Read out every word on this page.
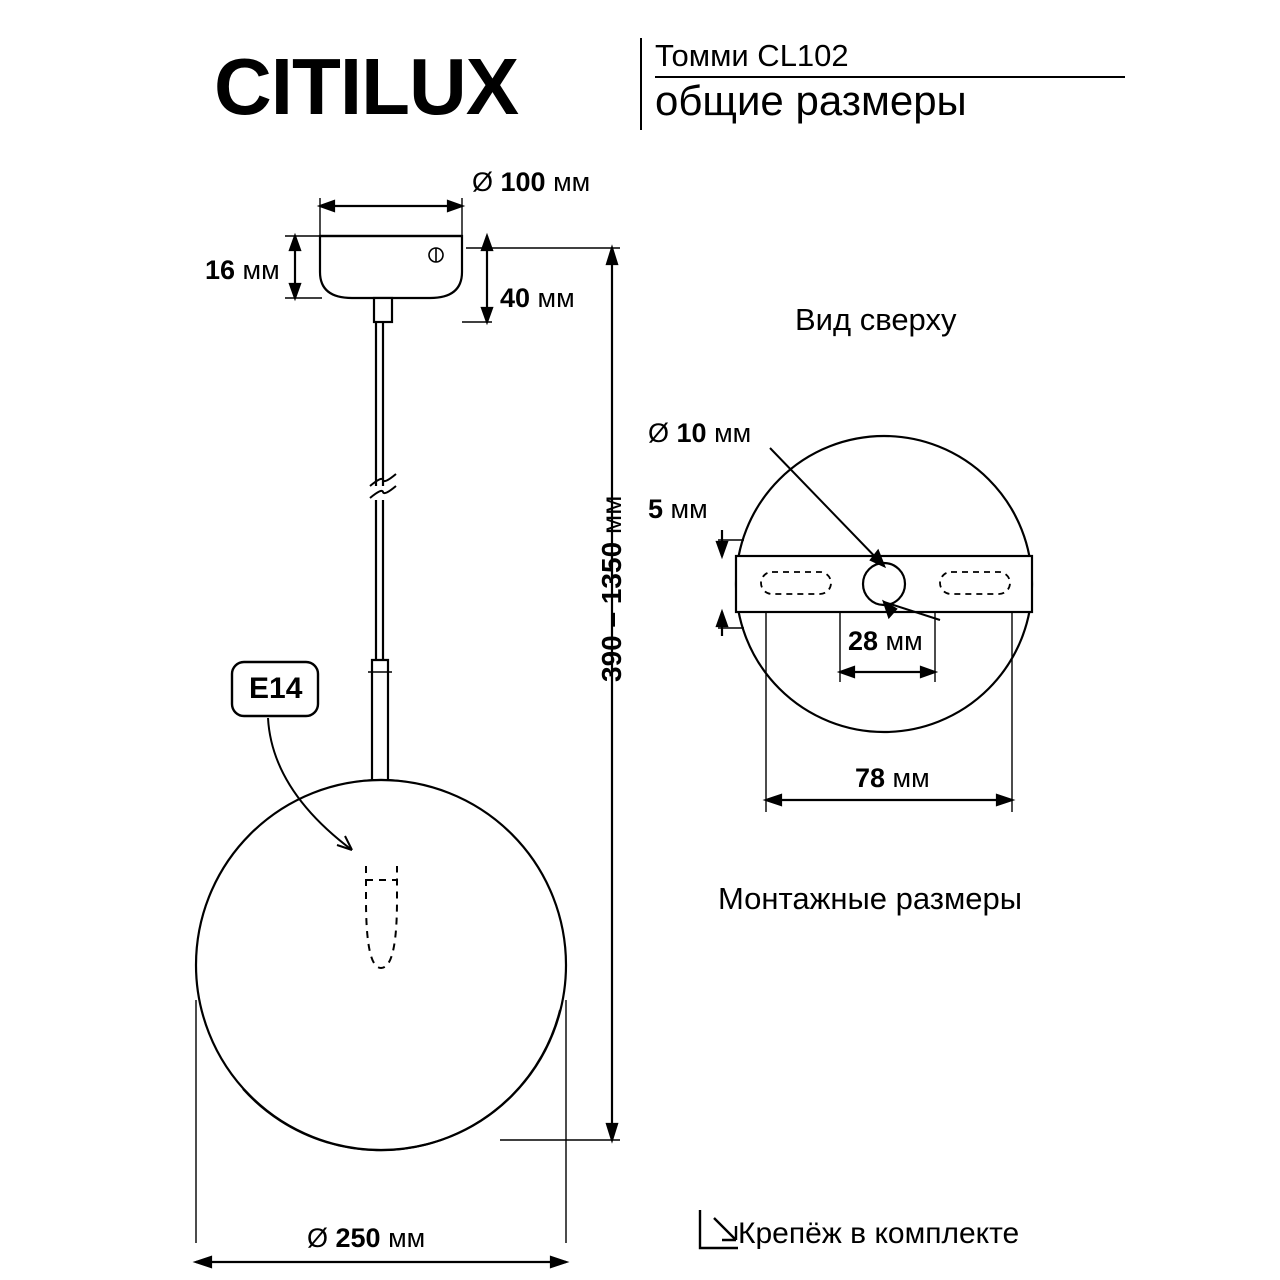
CITILUX	Томми CL102
общие размеры
Ø 100 мм
16 мм
40 мм
Ø 250 мм
390 – 1350 мм
Ø 10 мм
5 мм
28 мм
78 мм
Вид сверху
Монтажные размеры
Крепёж в комплекте
E14
